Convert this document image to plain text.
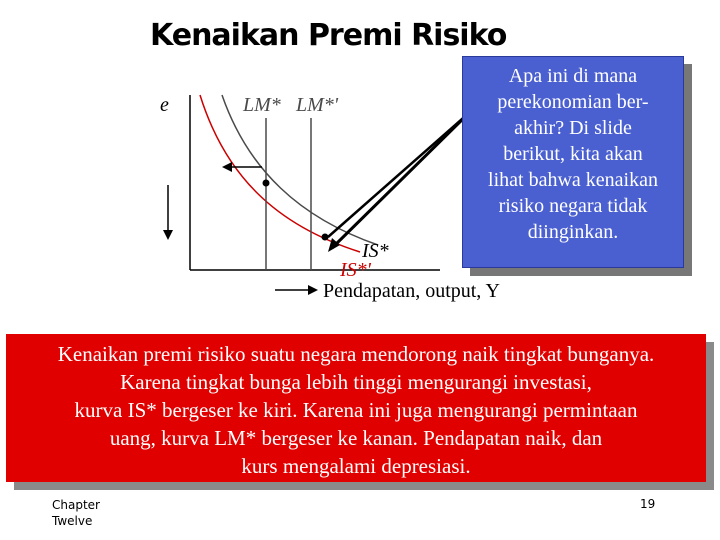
Kenaikan Premi Risiko
e	LM* LM*'
IS*
IS*'
Pendapatan, output, Y
Apa ini di mana
perekonomian ber-
akhir? Di slide
berikut, kita akan
lihat bahwa kenaikan
risiko negara tidak
diinginkan.
Kenaikan premi risiko suatu negara mendorong naik tingkat bunganya.
Karena tingkat bunga lebih tinggi mengurangi investasi,
kurva IS* bergeser ke kiri. Karena ini juga mengurangi permintaan
uang, kurva LM* bergeser ke kanan. Pendapatan naik, dan
kurs mengalami depresiasi.
Chapter
Twelve
19
